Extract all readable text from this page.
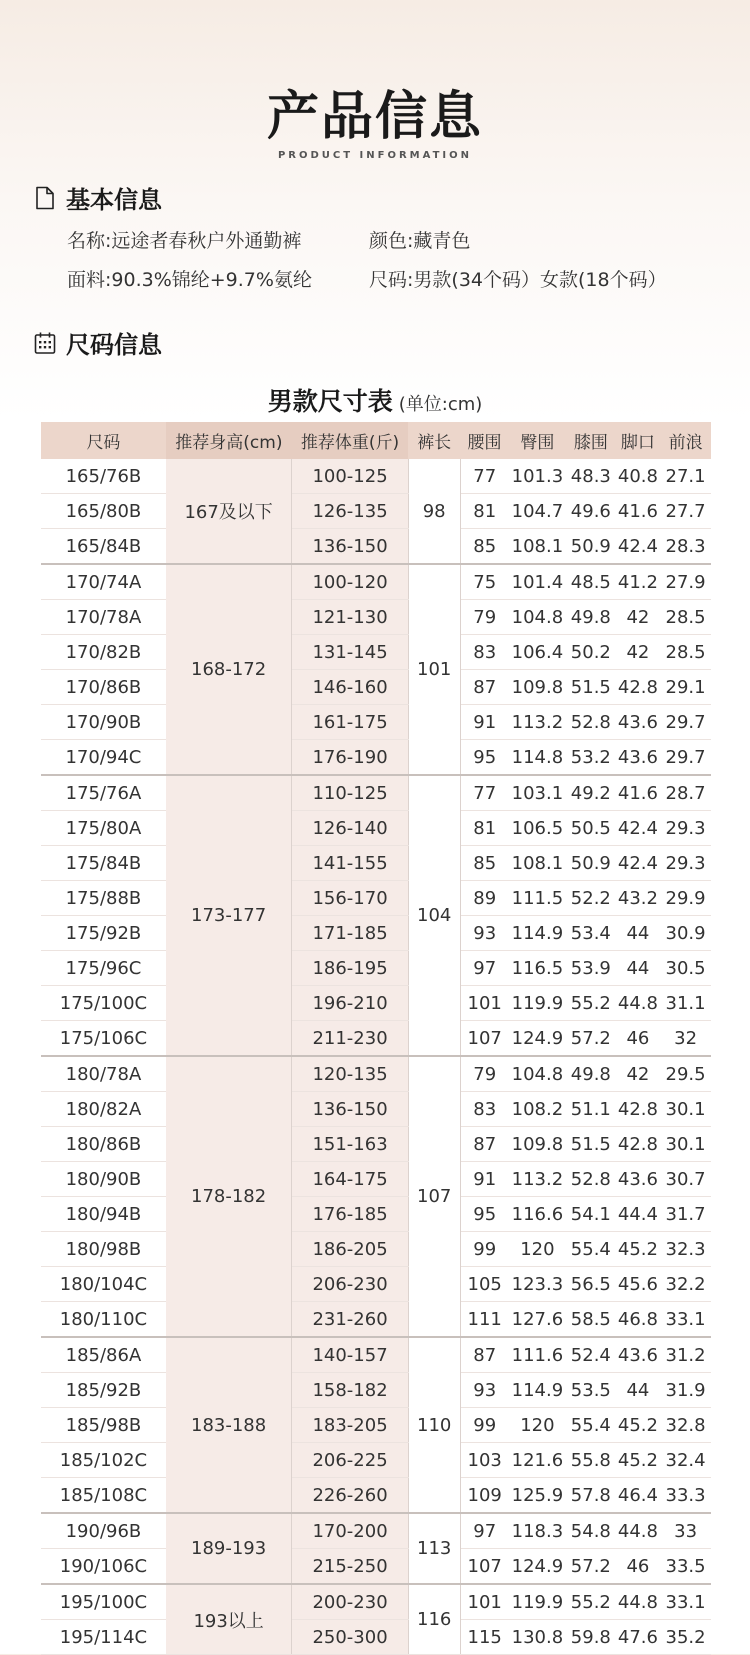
产品信息
PRODUCT INFORMATION
基本信息
名称:远途者春秋户外通勤裤	颜色:藏青色
面料:90.3%锦纶+9.7%氨纶	尺码:男款(34个码）女款(18个码）
尺码信息
男款尺寸表 (单位:cm)
尺码	推荐身高(cm)	推荐体重(斤)	裤长	腰围	臀围	膝围	脚口	前浪
165/76B	167及以下	100-125	98	77	101.3	48.3	40.8	27.1
165/80B		126-135		81	104.7	49.6	41.6	27.7
165/84B		136-150		85	108.1	50.9	42.4	28.3
170/74A	168-172	100-120	101	75	101.4	48.5	41.2	27.9
170/78A		121-130		79	104.8	49.8	42	28.5
170/82B		131-145		83	106.4	50.2	42	28.5
170/86B		146-160		87	109.8	51.5	42.8	29.1
170/90B		161-175		91	113.2	52.8	43.6	29.7
170/94C		176-190		95	114.8	53.2	43.6	29.7
175/76A	173-177	110-125	104	77	103.1	49.2	41.6	28.7
175/80A		126-140		81	106.5	50.5	42.4	29.3
175/84B		141-155		85	108.1	50.9	42.4	29.3
175/88B		156-170		89	111.5	52.2	43.2	29.9
175/92B		171-185		93	114.9	53.4	44	30.9
175/96C		186-195		97	116.5	53.9	44	30.5
175/100C		196-210		101	119.9	55.2	44.8	31.1
175/106C		211-230		107	124.9	57.2	46	32
180/78A	178-182	120-135	107	79	104.8	49.8	42	29.5
180/82A		136-150		83	108.2	51.1	42.8	30.1
180/86B		151-163		87	109.8	51.5	42.8	30.1
180/90B		164-175		91	113.2	52.8	43.6	30.7
180/94B		176-185		95	116.6	54.1	44.4	31.7
180/98B		186-205		99	120	55.4	45.2	32.3
180/104C		206-230		105	123.3	56.5	45.6	32.2
180/110C		231-260		111	127.6	58.5	46.8	33.1
185/86A	183-188	140-157	110	87	111.6	52.4	43.6	31.2
185/92B		158-182		93	114.9	53.5	44	31.9
185/98B		183-205		99	120	55.4	45.2	32.8
185/102C		206-225		103	121.6	55.8	45.2	32.4
185/108C		226-260		109	125.9	57.8	46.4	33.3
190/96B	189-193	170-200	113	97	118.3	54.8	44.8	33
190/106C		215-250		107	124.9	57.2	46	33.5
195/100C	193以上	200-230	116	101	119.9	55.2	44.8	33.1
195/114C		250-300		115	130.8	59.8	47.6	35.2
